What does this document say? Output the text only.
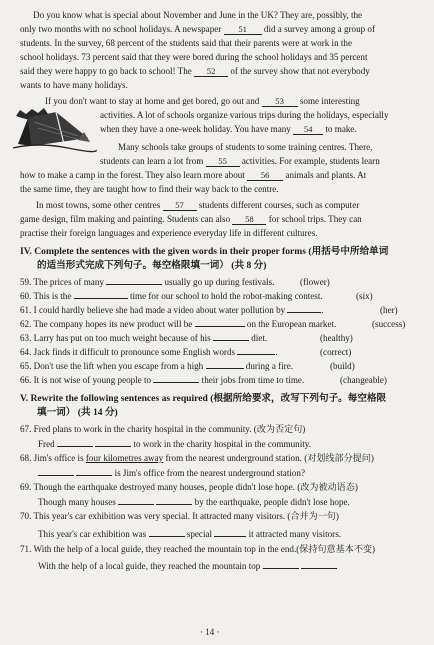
Do you know what is special about November and June in the UK? They are, possibly, the
only two months with no school holidays. A newspaper 51 did a survey among a group of
students. In the survey, 68 percent of the students said that their parents were at work in the
school holidays. 73 percent said that they were bored during the school holidays and 35 percent
said they were happy to go back to school! The 52 of the survey show that not everybody
wants to have many holidays.
If you don't want to stay at home and get bored, go out and 53 some interesting
activities. A lot of schools organize various trips during the holidays, especially
when they have a one-week holiday. You have many 54 to make.
Many schools take groups of students to some training centres. There,
students can learn a lot from 55 activities. For example, students learn
how to make a camp in the forest. They also learn more about 56 animals and plants. At
the same time, they are taught how to find their way back to the centre.
In most towns, some other centres 57 students different courses, such as computer
game design, film making and painting. Students can also 58 for school trips. They can
practise their foreign languages and experience everyday life in different cultures.
IV. Complete the sentences with the given words in their proper forms (用括号中所给单词
的适当形式完成下列句子。每空格限填一词） (共 8 分)
59. The prices of many	usually go up during festivals.	(flower)
60. This is the	time for our school to hold the robot-making contest.	(six)
61. I could hardly believe she had made a video about water pollution by	.	(her)
62. The company hopes its new product will be	on the European market.	(success)
63. Larry has put on too much weight because of his	diet.	(healthy)
64. Jack finds it difficult to pronounce some English words	.	(correct)
65. Don't use the lift when you escape from a high	during a fire.	(build)
66. It is not wise of young people to	their jobs from time to time.	(changeable)
V. Rewrite the following sentences as required (根据所给要求，改写下列句子。每空格限
填一词） (共 14 分)
67. Fred plans to work in the charity hospital in the community. (改为否定句)
Fred	to work in the charity hospital in the community.
68. Jim's office is four kilometres away from the nearest underground station. (对划线部分提问)
is Jim's office from the nearest underground station?
69. Though the earthquake destroyed many houses, people didn't lose hope. (改为被动语态)
Though many houses	by the earthquake, people didn't lose hope.
70. This year's car exhibition was very special. It attracted many visitors. (合并为一句)
This year's car exhibition was	special	it attracted many visitors.
71. With the help of a local guide, they reached the mountain top in the end.(保持句意基本不变)
With the help of a local guide, they reached the mountain top
· 14 ·
